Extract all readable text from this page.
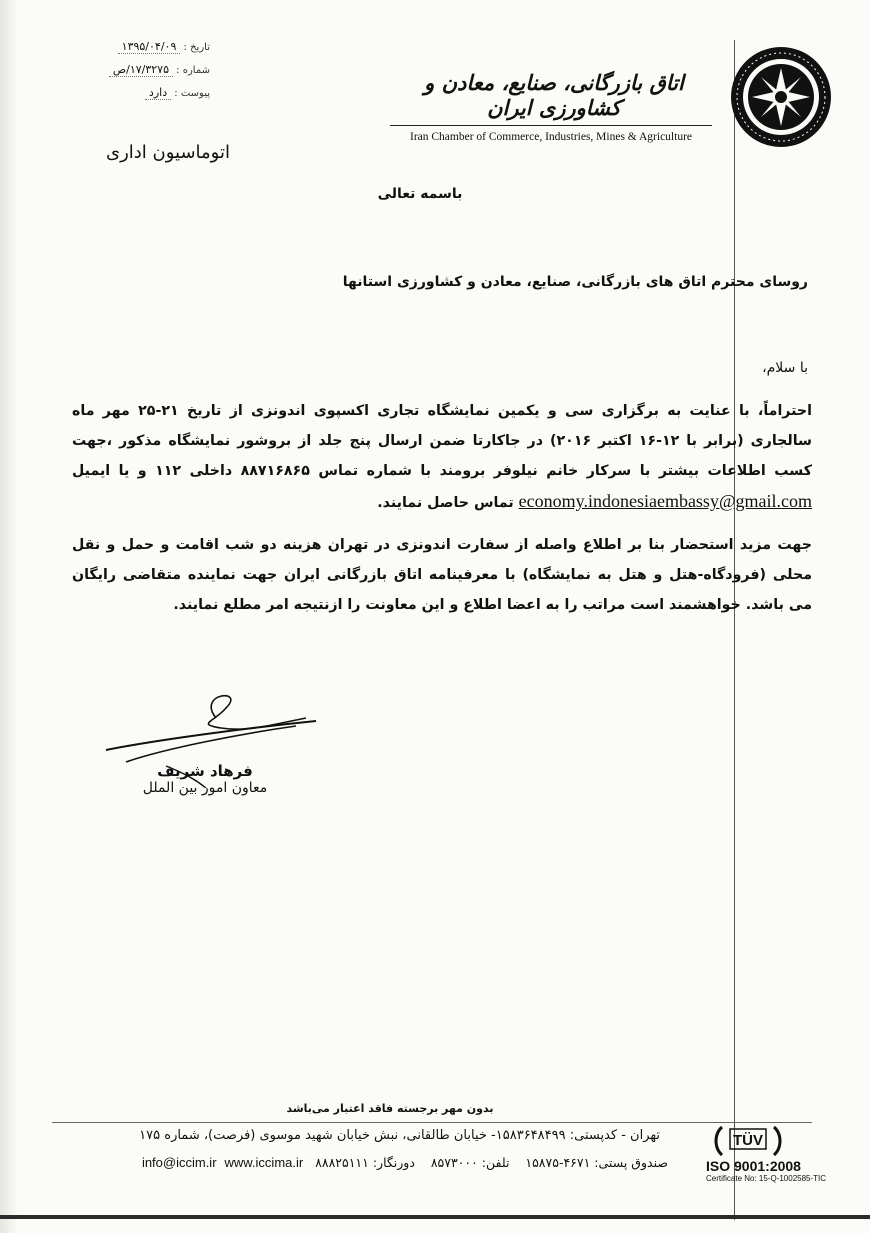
تاریخ : ۱۳۹۵/۰۴/۰۹
شماره : ۱۷/۳۲۷۵/ص
پیوست : دارد
اتوماسیون اداری
اتاق بازرگانی، صنایع، معادن و کشاورزی ایران
Iran Chamber of Commerce, Industries, Mines & Agriculture
باسمه تعالی
روسای محترم اتاق های بازرگانی، صنایع، معادن و کشاورزی استانها
با سلام،

احتراماً، با عنایت به برگزاری سی و یکمین نمایشگاه تجاری اکسپوی اندونزی از تاریخ ۲۱-۲۵ مهر ماه سالجاری (برابر با ۱۲-۱۶ اکتبر ۲۰۱۶) در جاکارتا ضمن ارسال پنج جلد از بروشور نمایشگاه مذکور ،جهت کسب اطلاعات بیشتر با سرکار خانم نیلوفر برومند با شماره تماس ۸۸۷۱۶۸۶۵ داخلی ۱۱۲ و یا ایمیل economy.indonesiaembassy@gmail.com تماس حاصل نمایند.

جهت مزید استحضار بنا بر اطلاع واصله از سفارت اندونزی در تهران هزینه دو شب اقامت و حمل و نقل محلی (فرودگاه-هتل و هتل به نمایشگاه) با معرفینامه اتاق بازرگانی ایران جهت نماینده متقاضی رایگان می باشد. خواهشمند است مراتب را به اعضا اطلاع و این معاونت را ازنتیجه امر مطلع نمایند.

فرهاد شریف
معاون امور بین الملل
بدون مهر برجسته فاقد اعتبار می‌باشد
تهران - کدپستی: ۱۵۸۳۶۴۸۴۹۹- خیابان طالقانی، نبش خیابان شهید موسوی (فرصت)، شماره ۱۷۵
صندوق پستی: ۴۶۷۱-۱۵۸۷۵    تلفن: ۸۵۷۳۰۰۰    دورنگار: ۸۸۸۲۵۱۱۱   info@iccim.ir www.iccima.ir
TÜV
ISO 9001:2008
Certificate No: 15-Q-1002585-TIC
